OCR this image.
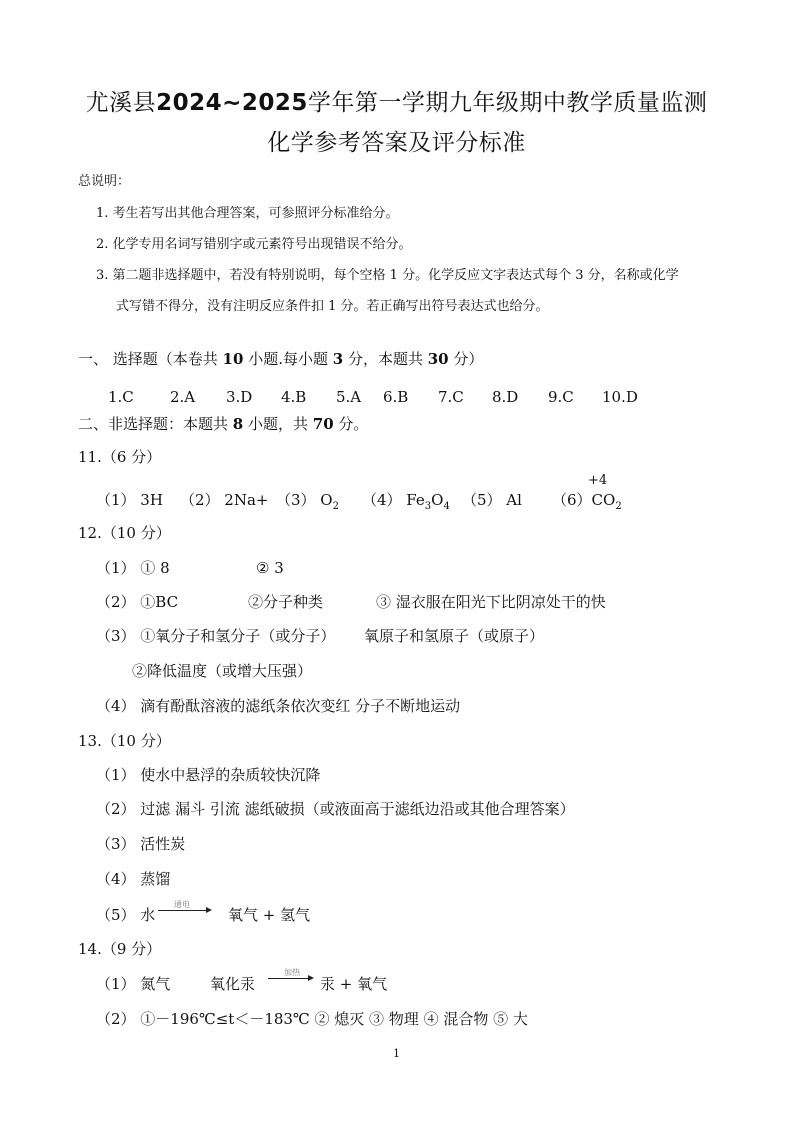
尤溪县2024~2025学年第一学期九年级期中教学质量监测
化学参考答案及评分标准
总说明：
1. 考生若写出其他合理答案，可参照评分标准给分。
2. 化学专用名词写错别字或元素符号出现错误不给分。
3. 第二题非选择题中，若没有特别说明，每个空格 1 分。化学反应文字表达式每个 3 分，名称或化学
式写错不得分，没有注明反应条件扣 1 分。若正确写出符号表达式也给分。
一、 选择题（本卷共 10 小题.每小题 3 分，本题共 30 分）
1.C 2.A 3.D 4.B 5.A 6.B 7.C 8.D 9.C 10.D
二、非选择题：本题共 8 小题，共 70 分。
11.（6 分）
+4
（1） 3H （2） 2Na+ （3） $O_2$ （4） $Fe_3O_4$ （5） Al $(6)CO_2$
12.（10 分）
（1） ① 8	② 3
（2） ①BC	②分子种类	③ 湿衣服在阳光下比阴凉处干的快
（3） ①氧分子和氢分子（或分子） 氧原子和氢原子（或原子）
②降低温度（或增大压强）
（4） 滴有酚酞溶液的滤纸条依次变红 分子不断地运动
13.（10 分）
（1） 使水中悬浮的杂质较快沉降
（2） 过滤 漏斗 引流 滤纸破损（或液面高于滤纸边沿或其他合理答案）
（3） 活性炭
（4） 蒸馏
（5） 水
通电
→ 氧气 + 氢气
14.（9 分）
（1） 氮气	氧化汞
加热
→ 汞 + 氧气
（2） ①－196℃≤t＜－183℃ ② 熄灭 ③ 物理 ④ 混合物 ⑤ 大
1
